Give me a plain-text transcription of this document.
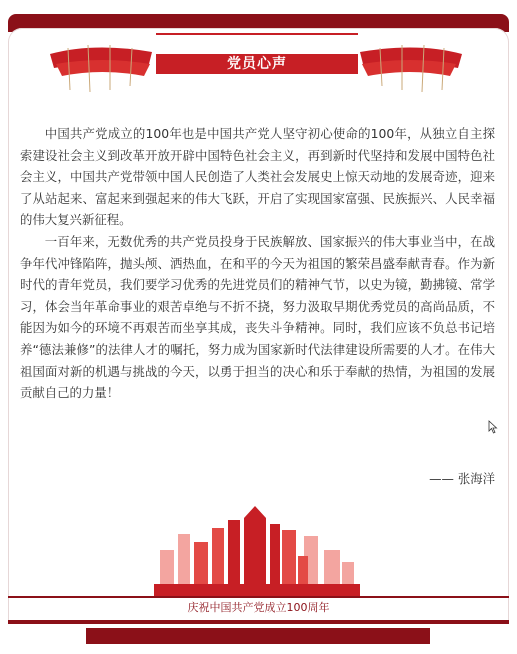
党员心声

中国共产党成立的100年也是中国共产党人坚守初心使命的100年，从独立自主探索建设社会主义到改革开放开辟中国特色社会主义，再到新时代坚持和发展中国特色社会主义，中国共产党带领中国人民创造了人类社会发展史上惊天动地的发展奇迹，迎来了从站起来、富起来到强起来的伟大飞跃，开启了实现国家富强、民族振兴、人民幸福的伟大复兴新征程。

一百年来，无数优秀的共产党员投身于民族解放、国家振兴的伟大事业当中，在战争年代冲锋陷阵，抛头颅、洒热血，在和平的今天为祖国的繁荣昌盛奉献青春。作为新时代的青年党员，我们要学习优秀的先进党员们的精神气节，以史为镜，勤拂镜、常学习，体会当年革命事业的艰苦卓绝与不折不挠，努力汲取早期优秀党员的高尚品质，不能因为如今的环境不再艰苦而坐享其成，丧失斗争精神。同时，我们应该不负总书记培养“德法兼修”的法律人才的嘱托，努力成为国家新时代法律建设所需要的人才。在伟大祖国面对新的机遇与挑战的今天，以勇于担当的决心和乐于奉献的热情，为祖国的发展贡献自己的力量！

—— 张海洋
庆祝中国共产党成立100周年
